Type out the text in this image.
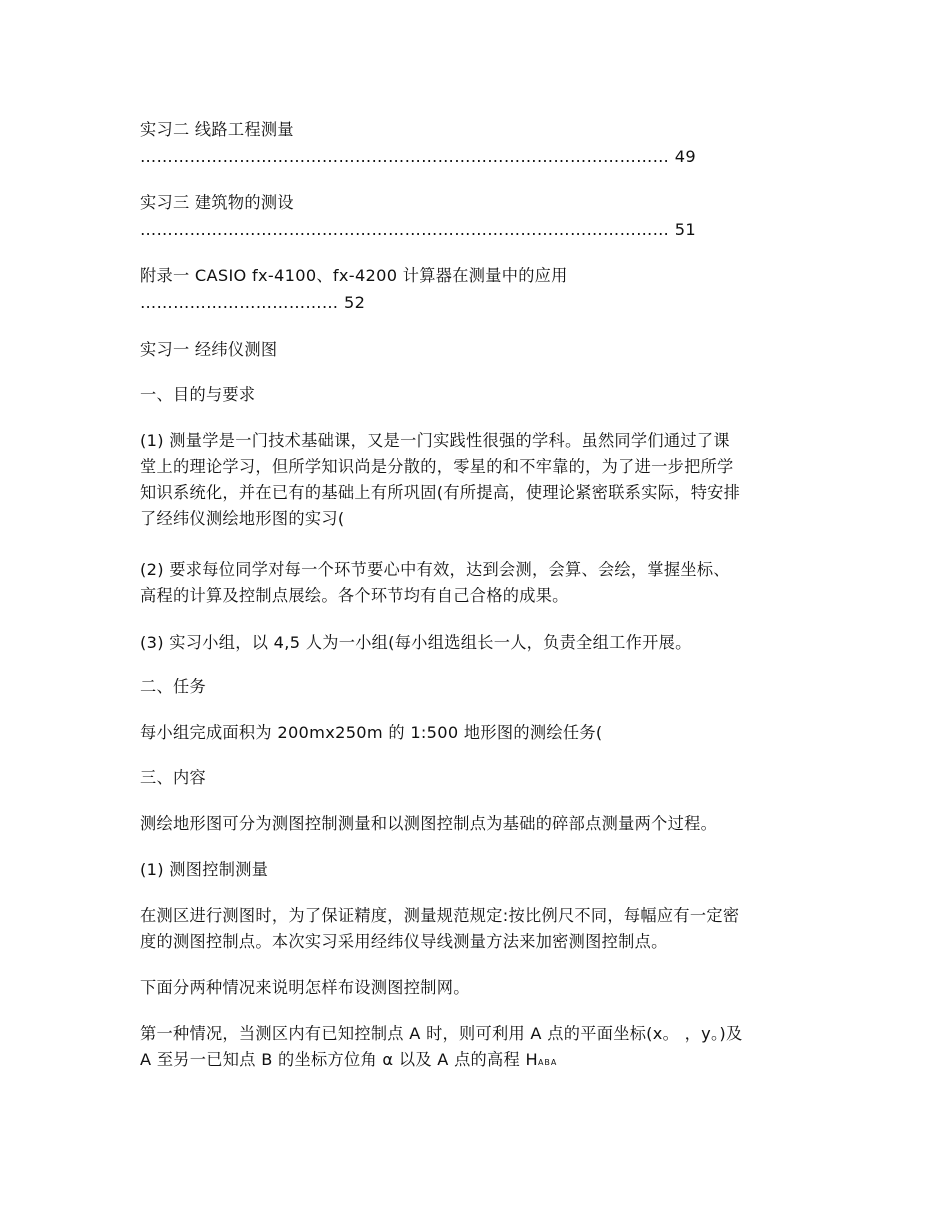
实习二 线路工程测量
…………………………………………………………………………………… 49
实习三 建筑物的测设
…………………………………………………………………………………… 51
附录一 CASIO fx-4100、fx-4200 计算器在测量中的应用
……………………………… 52
实习一 经纬仪测图
一、目的与要求
(1) 测量学是一门技术基础课，又是一门实践性很强的学科。虽然同学们通过了课
堂上的理论学习，但所学知识尚是分散的，零星的和不牢靠的，为了进一步把所学
知识系统化，并在已有的基础上有所巩固(有所提高，使理论紧密联系实际，特安排
了经纬仪测绘地形图的实习(
(2) 要求每位同学对每一个环节要心中有效，达到会测，会算、会绘，掌握坐标、
高程的计算及控制点展绘。各个环节均有自己合格的成果。
(3) 实习小组，以 4,5 人为一小组(每小组选组长一人，负责全组工作开展。
二、任务
每小组完成面积为 200mx250m 的 1:500 地形图的测绘任务(
三、内容
测绘地形图可分为测图控制测量和以测图控制点为基础的碎部点测量两个过程。
(1) 测图控制测量
在测区进行测图时，为了保证精度，测量规范规定:按比例尺不同，每幅应有一定密
度的测图控制点。本次实习采用经纬仪导线测量方法来加密测图控制点。
下面分两种情况来说明怎样布设测图控制网。
第一种情况，当测区内有已知控制点 A 时，则可利用 A 点的平面坐标(x。 ，y。)及
A 至另一已知点 B 的坐标方位角 α 以及 A 点的高程 HABA
